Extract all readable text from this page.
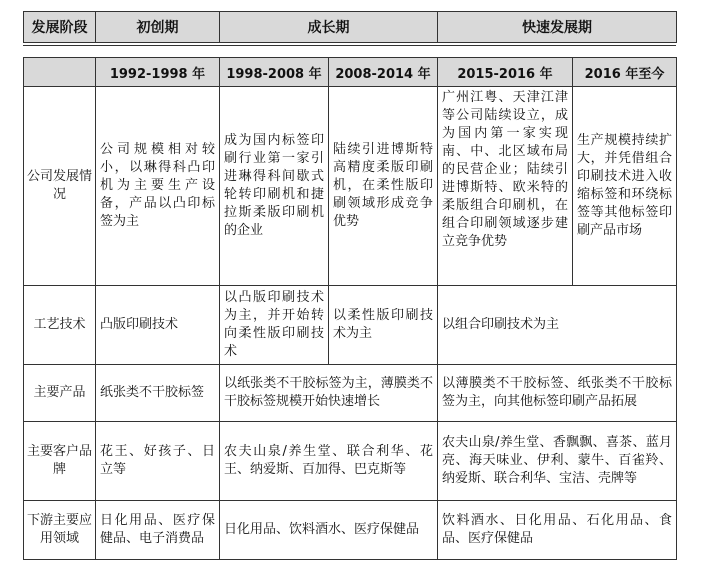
发展阶段	初创期	成长期	快速发展期
	1992-1998 年	1998-2008 年	2008-2014 年	2015-2016 年	2016 年至今
公司发展情况	公司规模相对较小，以琳得科凸印机为主要生产设备，产品以凸印标签为主	成为国内标签印刷行业第一家引进琳得科间歇式轮转印刷机和捷拉斯柔版印刷机的企业	陆续引进博斯特高精度柔版印刷机，在柔性版印刷领域形成竞争优势	广州江粤、天津江津等公司陆续设立，成为国内第一家实现南、中、北区域布局的民营企业；陆续引进博斯特、欧米特的柔版组合印刷机，在组合印刷领域逐步建立竞争优势	生产规模持续扩大，并凭借组合印刷技术进入收缩标签和环绕标签等其他标签印刷产品市场
工艺技术	凸版印刷技术	以凸版印刷技术为主，并开始转向柔性版印刷技术	以柔性版印刷技术为主	以组合印刷技术为主	
主要产品	纸张类不干胶标签	以纸张类不干胶标签为主，薄膜类不干胶标签规模开始快速增长		以薄膜类不干胶标签、纸张类不干胶标签为主，向其他标签印刷产品拓展	
主要客户品牌	花王、好孩子、日立等	农夫山泉/养生堂、联合利华、花王、纳爱斯、百加得、巴克斯等		农夫山泉/养生堂、香飘飘、喜茶、蓝月亮、海天味业、伊利、蒙牛、百雀羚、纳爱斯、联合利华、宝洁、壳牌等	
下游主要应用领域	日化用品、医疗保健品、电子消费品	日化用品、饮料酒水、医疗保健品		饮料酒水、日化用品、石化用品、食品、医疗保健品	
